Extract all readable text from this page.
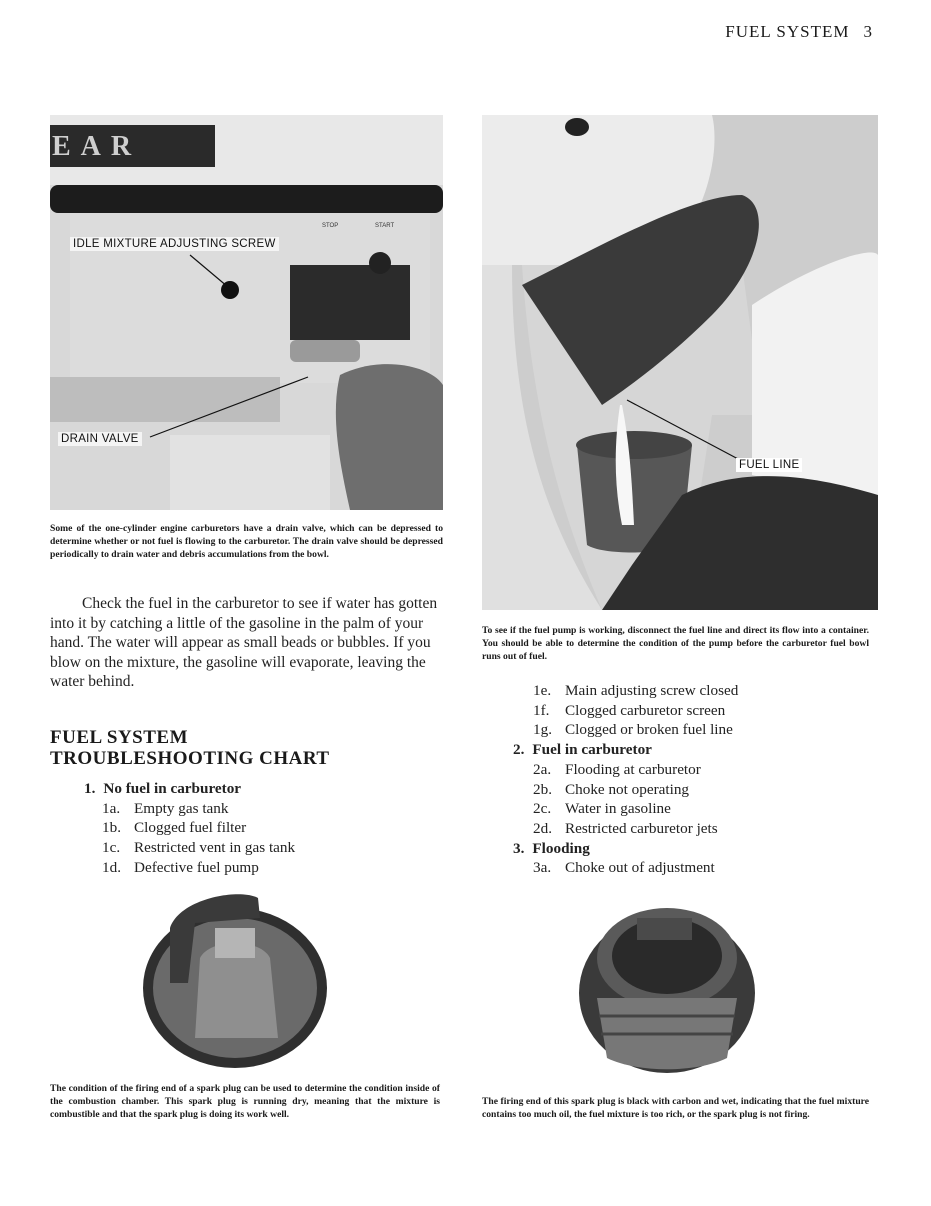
FUEL SYSTEM 3
EAR
STOP	START
IDLE MIXTURE ADJUSTING SCREW
DRAIN VALVE
Some of the one-cylinder engine carburetors have a drain valve, which can be depressed to determine whether or not fuel is flowing to the carburetor. The drain valve should be depressed periodically to drain water and debris accumulations from the bowl.
Check the fuel in the carburetor to see if water has gotten into it by catching a little of the gasoline in the palm of your hand. The water will appear as small beads or bubbles. If you blow on the mixture, the gasoline will evaporate, leaving the water behind.
FUEL SYSTEM
TROUBLESHOOTING CHART
1. No fuel in carburetor
1a. Empty gas tank
1b. Clogged fuel filter
1c. Restricted vent in gas tank
1d. Defective fuel pump
FUEL LINE
To see if the fuel pump is working, disconnect the fuel line and direct its flow into a container. You should be able to determine the condition of the pump before the carburetor fuel bowl runs out of fuel.
1e. Main adjusting screw closed
1f.	Clogged carburetor screen
1g. Clogged or broken fuel line
2. Fuel in carburetor
2a. Flooding at carburetor
2b. Choke not operating
2c. Water in gasoline
2d. Restricted carburetor jets
3. Flooding
3a. Choke out of adjustment
The condition of the firing end of a spark plug can be used to determine the condition inside of the combustion chamber. This spark plug is running dry, meaning that the mixture is combustible and that the spark plug is doing its work well.
The firing end of this spark plug is black with carbon and wet, indicating that the fuel mixture contains too much oil, the fuel mixture is too rich, or the spark plug is not firing.
